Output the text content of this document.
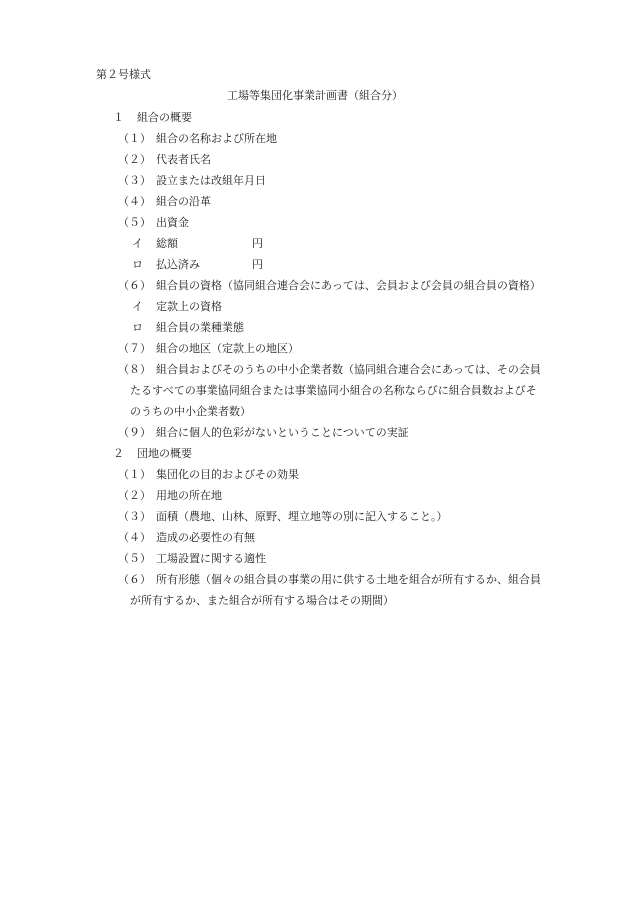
第２号様式
工場等集団化事業計画書（組合分）
１ 組合の概要
（１） 組合の名称および所在地
（２） 代表者氏名
（３） 設立または改組年月日
（４） 組合の沿革
（５） 出資金
イ 総額	円
ロ 払込済み	円
（６） 組合員の資格（協同組合連合会にあっては、会員および会員の組合員の資格）
イ 定款上の資格
ロ 組合員の業種業態
（７） 組合の地区（定款上の地区）
（８） 組合員およびそのうちの中小企業者数（協同組合連合会にあっては、その会員
たるすべての事業協同組合または事業協同小組合の名称ならびに組合員数およびそ
のうちの中小企業者数）
（９） 組合に個人的色彩がないということについての実証
２ 団地の概要
（１） 集団化の目的およびその効果
（２） 用地の所在地
（３） 面積（農地、山林、原野、埋立地等の別に記入すること。）
（４） 造成の必要性の有無
（５） 工場設置に関する適性
（６） 所有形態（個々の組合員の事業の用に供する土地を組合が所有するか、組合員
が所有するか、また組合が所有する場合はその期間）
